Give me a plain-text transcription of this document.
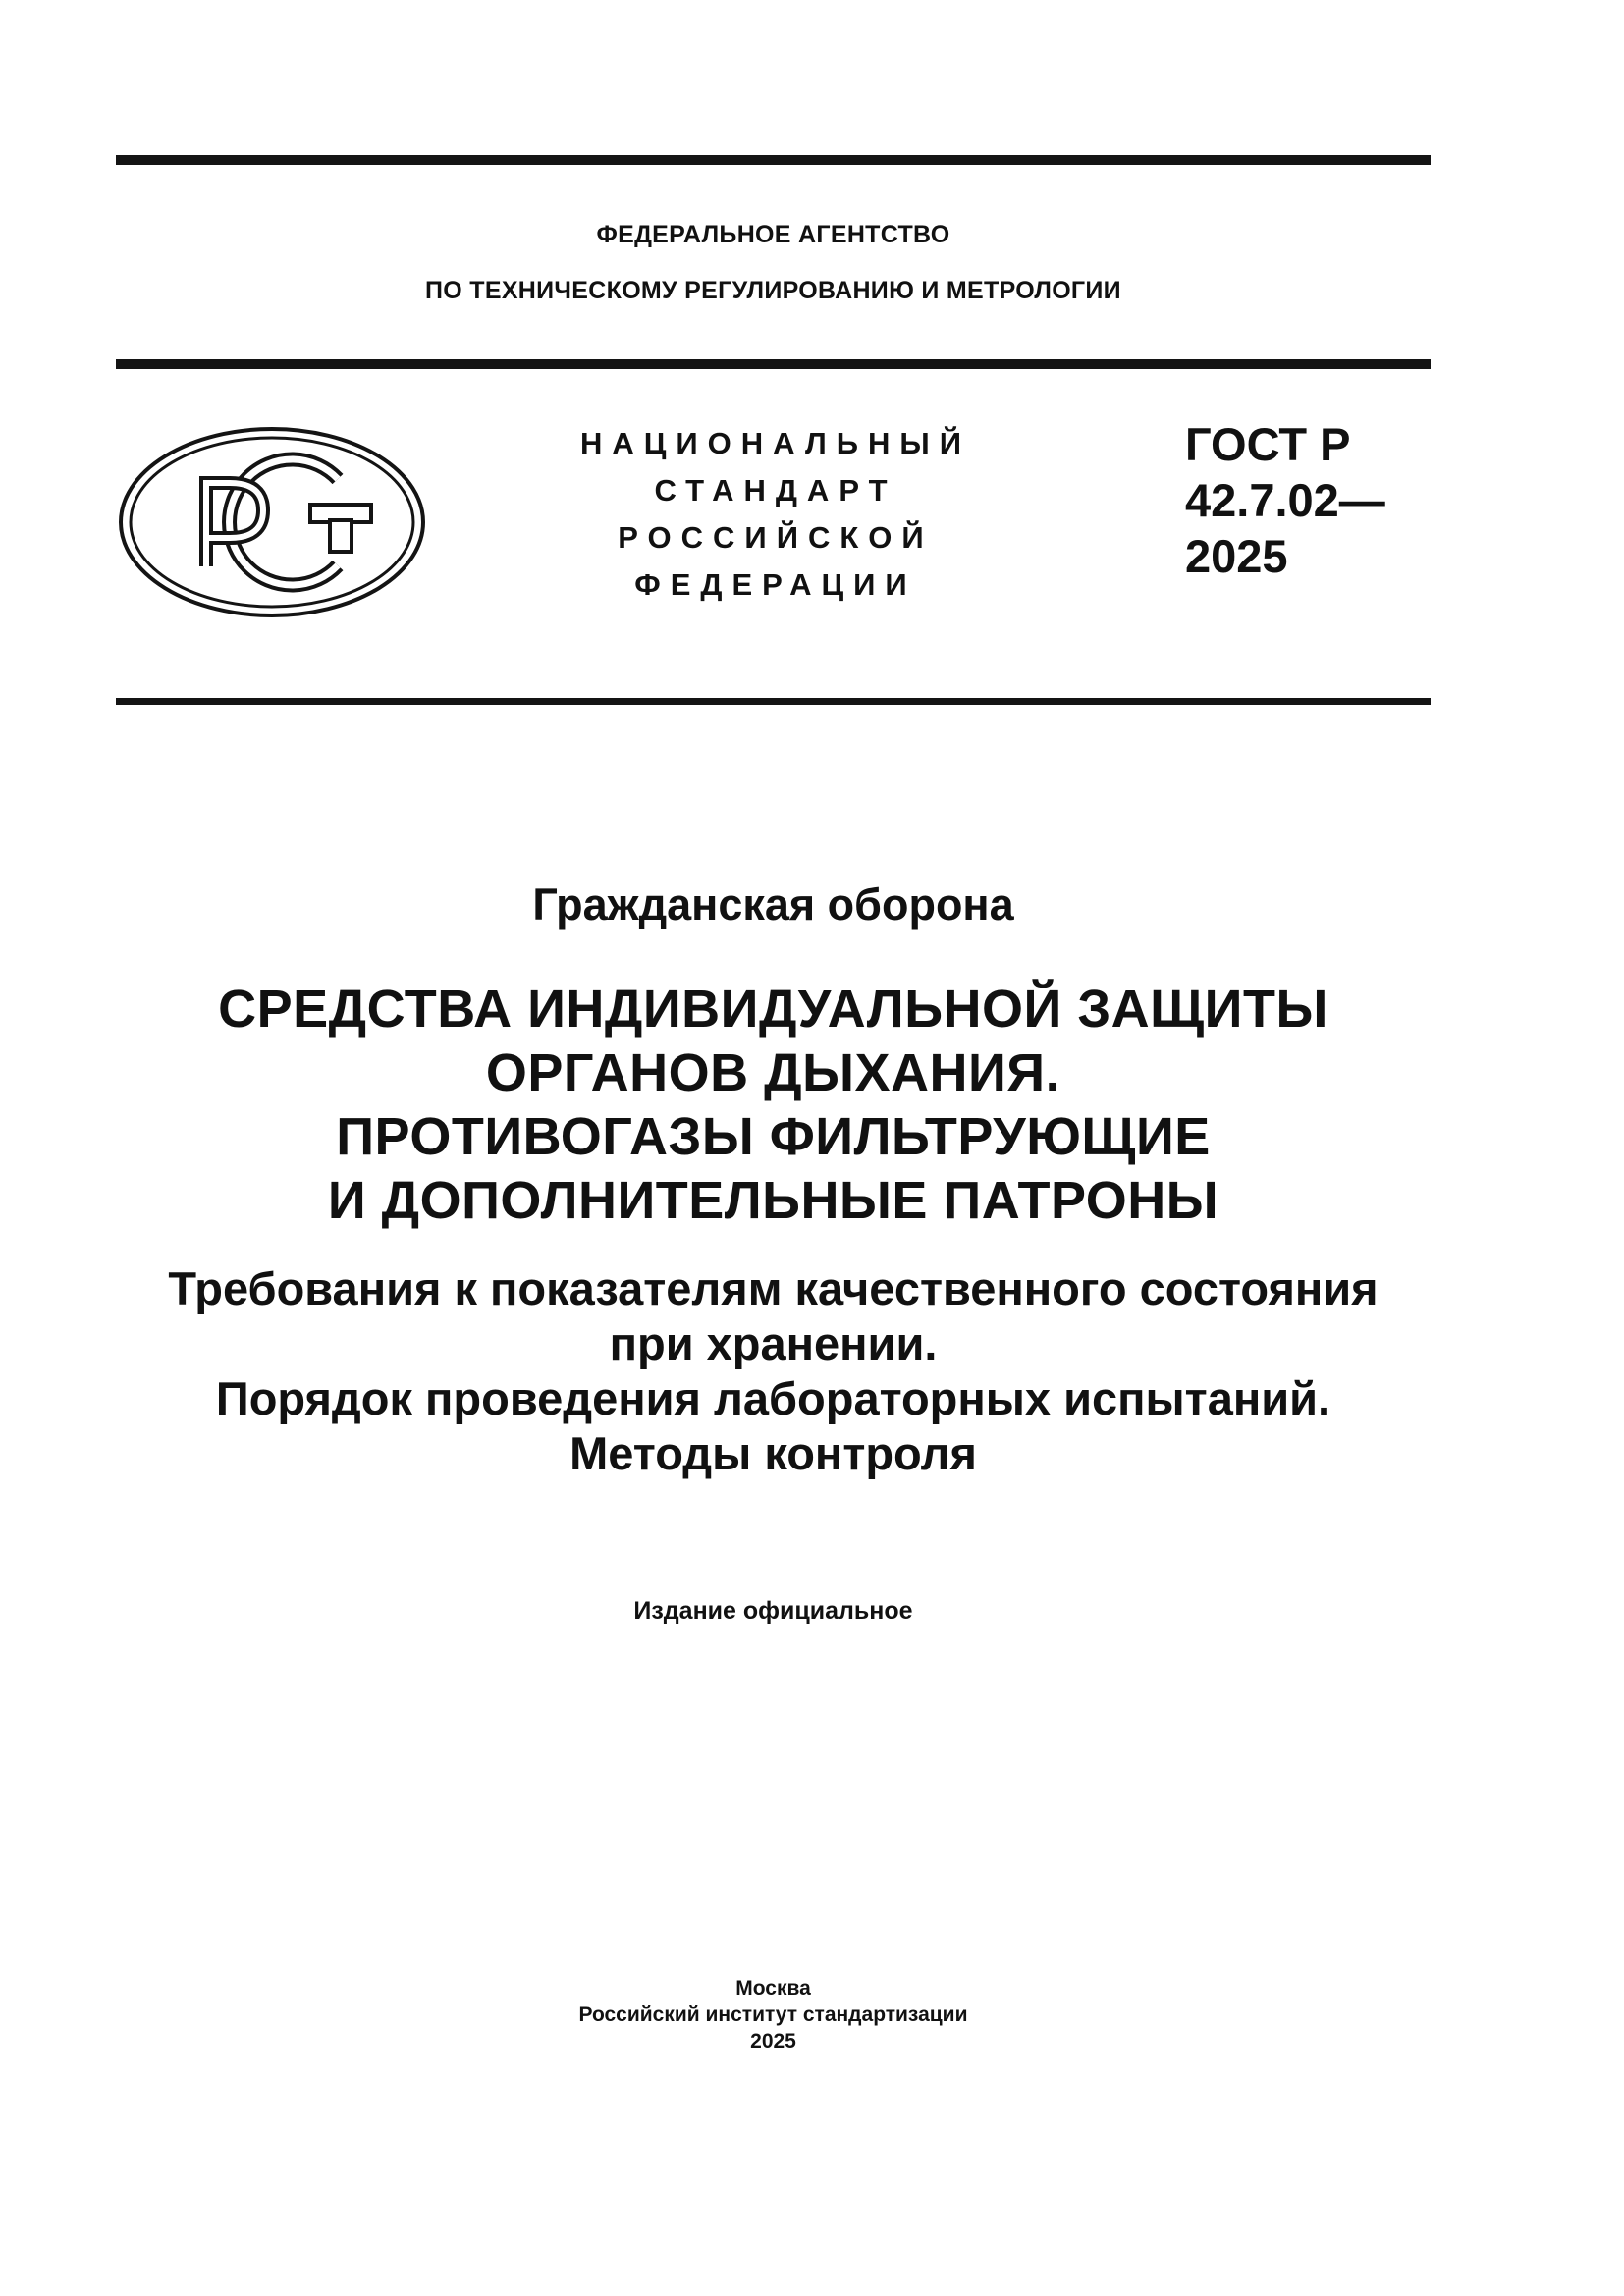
ФЕДЕРАЛЬНОЕ АГЕНТСТВО
ПО ТЕХНИЧЕСКОМУ РЕГУЛИРОВАНИЮ И МЕТРОЛОГИИ
НАЦИОНАЛЬНЫЙ
СТАНДАРТ
РОССИЙСКОЙ
ФЕДЕРАЦИИ
ГОСТ Р
42.7.02—
2025
Гражданская оборона
СРЕДСТВА ИНДИВИДУАЛЬНОЙ ЗАЩИТЫ
ОРГАНОВ ДЫХАНИЯ.
ПРОТИВОГАЗЫ ФИЛЬТРУЮЩИЕ
И ДОПОЛНИТЕЛЬНЫЕ ПАТРОНЫ
Требования к показателям качественного состояния
при хранении.
Порядок проведения лабораторных испытаний.
Методы контроля
Издание официальное
Москва
Российский институт стандартизации
2025
